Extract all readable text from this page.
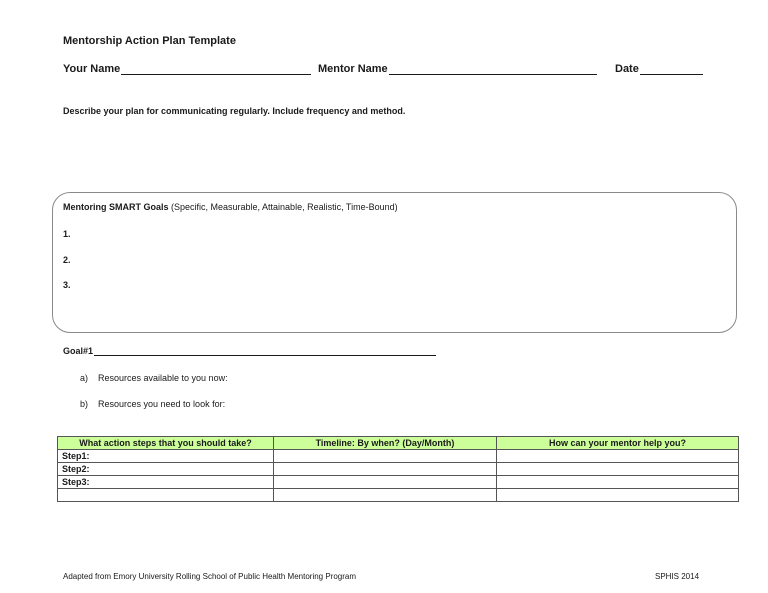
Mentorship Action Plan Template
Your Name	Mentor Name	Date
Describe your plan for communicating regularly. Include frequency and method.
Mentoring SMART Goals (Specific, Measurable, Attainable, Realistic, Time-Bound)
1.
2.
3.
Goal#1
a)	Resources available to you now:
b)	Resources you need to look for:
What action steps that you should take?	Timeline: By when? (Day/Month)	How can your mentor help you?
Step1:		
Step2:		
Step3:		

Adapted from Emory University Rolling School of Public Health Mentoring Program	SPHIS 2014
